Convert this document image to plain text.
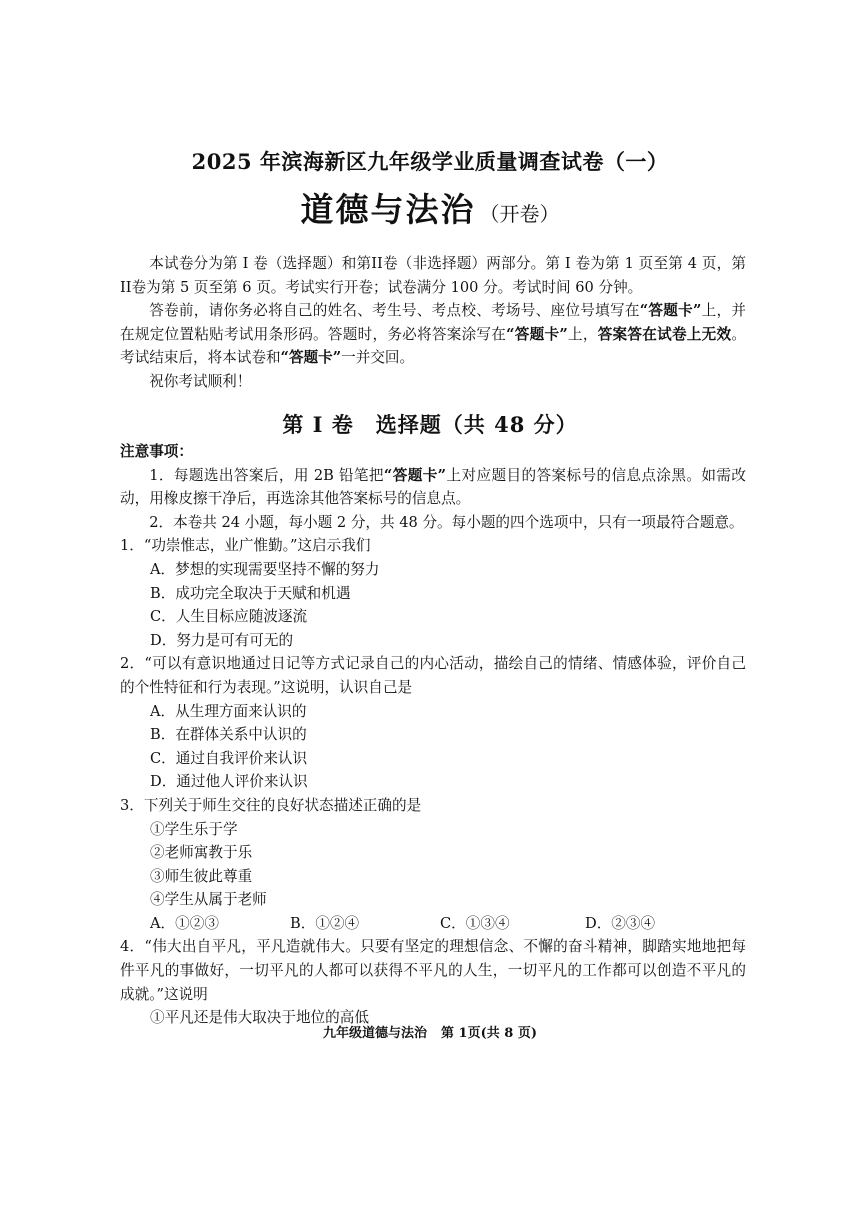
2025 年滨海新区九年级学业质量调查试卷（一）
道德与法治 （开卷）

本试卷分为第 I 卷（选择题）和第II卷（非选择题）两部分。第 I 卷为第 1 页至第 4 页，第II卷为第 5 页至第 6 页。考试实行开卷；试卷满分 100 分。考试时间 60 分钟。

答卷前，请你务必将自己的姓名、考生号、考点校、考场号、座位号填写在“答题卡”上，并在规定位置粘贴考试用条形码。答题时，务必将答案涂写在“答题卡”上，答案答在试卷上无效。考试结束后，将本试卷和“答题卡”一并交回。

祝你考试顺利！

第 I 卷　选择题（共 48 分）
注意事项：
1．每题选出答案后，用 2B 铅笔把“答题卡”上对应题目的答案标号的信息点涂黑。如需改动，用橡皮擦干净后，再选涂其他答案标号的信息点。
2．本卷共 24 小题，每小题 2 分，共 48 分。每小题的四个选项中，只有一项最符合题意。
1．“功崇惟志，业广惟勤。”这启示我们
A．梦想的实现需要坚持不懈的努力
B．成功完全取决于天赋和机遇
C．人生目标应随波逐流
D．努力是可有可无的
2．“可以有意识地通过日记等方式记录自己的内心活动，描绘自己的情绪、情感体验，评价自己的个性特征和行为表现。”这说明，认识自己是
A．从生理方面来认识的
B．在群体关系中认识的
C．通过自我评价来认识
D．通过他人评价来认识
3．下列关于师生交往的良好状态描述正确的是
①学生乐于学
②老师寓教于乐
③师生彼此尊重
④学生从属于老师
A．①②③	B．①②④	C．①③④	D．②③④
4．“伟大出自平凡，平凡造就伟大。只要有坚定的理想信念、不懈的奋斗精神，脚踏实地地把每件平凡的事做好，一切平凡的人都可以获得不平凡的人生，一切平凡的工作都可以创造不平凡的成就。”这说明
①平凡还是伟大取决于地位的高低
九年级道德与法治 第 1页(共 8 页)
